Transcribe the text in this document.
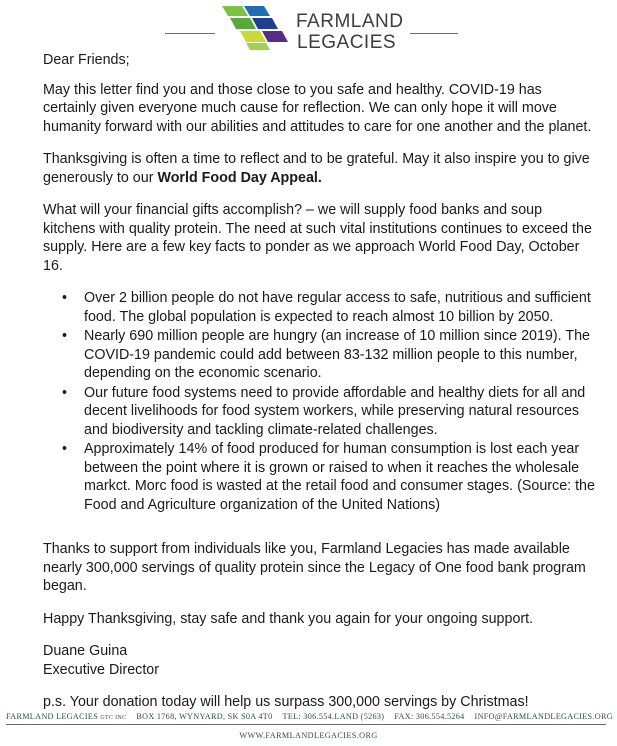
FARMLAND
LEGACIES

Dear Friends;

May this letter find you and those close to you safe and healthy. COVID-19 has certainly given everyone much cause for reflection. We can only hope it will move humanity forward with our abilities and attitudes to care for one another and the planet.

Thanksgiving is often a time to reflect and to be grateful. May it also inspire you to give generously to our World Food Day Appeal.

What will your financial gifts accomplish? – we will supply food banks and soup kitchens with quality protein. The need at such vital institutions continues to exceed the supply. Here are a few key facts to ponder as we approach World Food Day, October 16.

• Over 2 billion people do not have regular access to safe, nutritious and sufficient food. The global population is expected to reach almost 10 billion by 2050.
• Nearly 690 million people are hungry (an increase of 10 million since 2019). The COVID-19 pandemic could add between 83-132 million people to this number, depending on the economic scenario.
• Our future food systems need to provide affordable and healthy diets for all and decent livelihoods for food system workers, while preserving natural resources and biodiversity and tackling climate-related challenges.
• Approximately 14% of food produced for human consumption is lost each year between the point where it is grown or raised to when it reaches the wholesale markct. Morc food is wasted at the retail food and consumer stages. (Source: the Food and Agriculture organization of the United Nations)

Thanks to support from individuals like you, Farmland Legacies has made available nearly 300,000 servings of quality protein since the Legacy of One food bank program began.

Happy Thanksgiving, stay safe and thank you again for your ongoing support.

Duane Guina

Executive Director

p.s. Your donation today will help us surpass 300,000 servings by Christmas!

FARMLAND LEGACIES GTC INC BOX 1768, WYNYARD, SK S0A 4T0 TEL: 306.554.LAND (5263) FAX: 306.554.5264 INFO@FARMLANDLEGACIES.ORG
WWW.FARMLANDLEGACIES.ORG
